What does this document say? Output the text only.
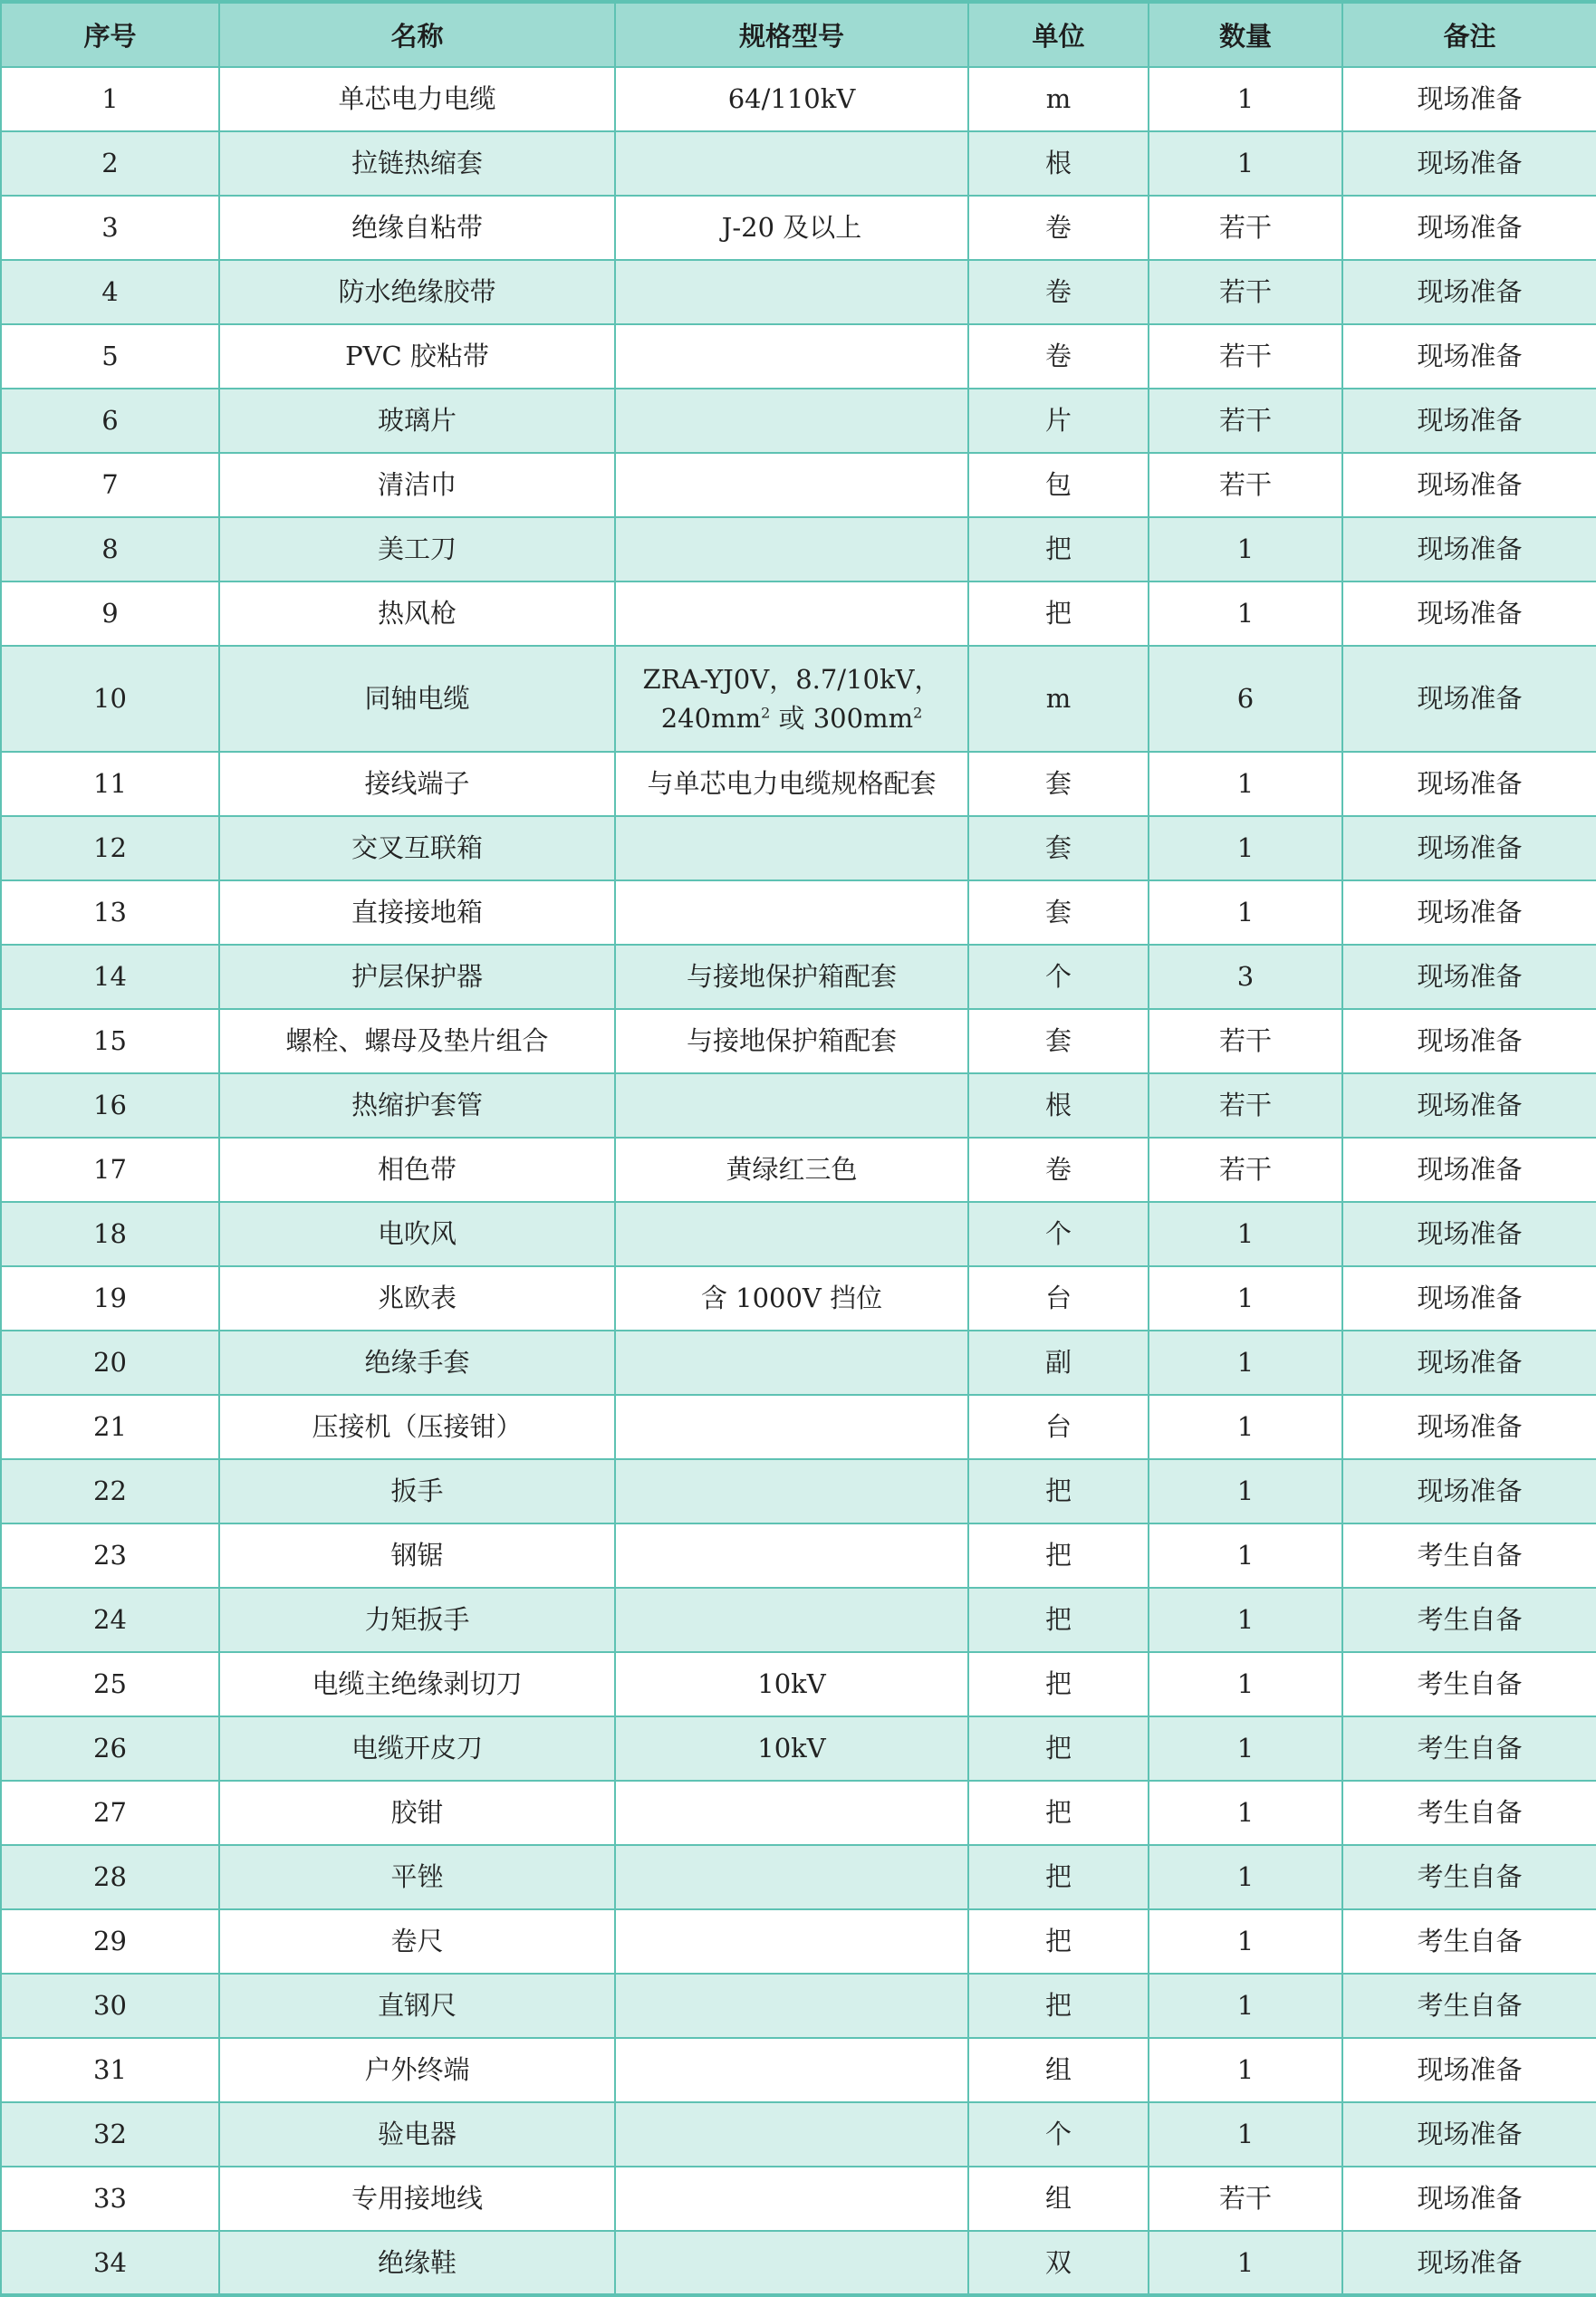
序号	名称	规格型号	单位	数量	备注
1	单芯电力电缆	64/110kV	m	1	现场准备
2	拉链热缩套		根	1	现场准备
3	绝缘自粘带	J-20 及以上	卷	若干	现场准备
4	防水绝缘胶带		卷	若干	现场准备
5	PVC 胶粘带		卷	若干	现场准备
6	玻璃片		片	若干	现场准备
7	清洁巾		包	若干	现场准备
8	美工刀		把	1	现场准备
9	热风枪		把	1	现场准备
10	同轴电缆	ZRA-YJ0V，8.7/10kV，
$240mm^2$ 或 $300mm^2$	m	6	现场准备
11	接线端子	与单芯电力电缆规格配套	套	1	现场准备
12	交叉互联箱		套	1	现场准备
13	直接接地箱		套	1	现场准备
14	护层保护器	与接地保护箱配套	个	3	现场准备
15	螺栓、螺母及垫片组合	与接地保护箱配套	套	若干	现场准备
16	热缩护套管		根	若干	现场准备
17	相色带	黄绿红三色	卷	若干	现场准备
18	电吹风		个	1	现场准备
19	兆欧表	含 1000V 挡位	台	1	现场准备
20	绝缘手套		副	1	现场准备
21	压接机（压接钳）		台	1	现场准备
22	扳手		把	1	现场准备
23	钢锯		把	1	考生自备
24	力矩扳手		把	1	考生自备
25	电缆主绝缘剥切刀	10kV	把	1	考生自备
26	电缆开皮刀	10kV	把	1	考生自备
27	胶钳		把	1	考生自备
28	平锉		把	1	考生自备
29	卷尺		把	1	考生自备
30	直钢尺		把	1	考生自备
31	户外终端		组	1	现场准备
32	验电器		个	1	现场准备
33	专用接地线		组	若干	现场准备
34	绝缘鞋		双	1	现场准备
